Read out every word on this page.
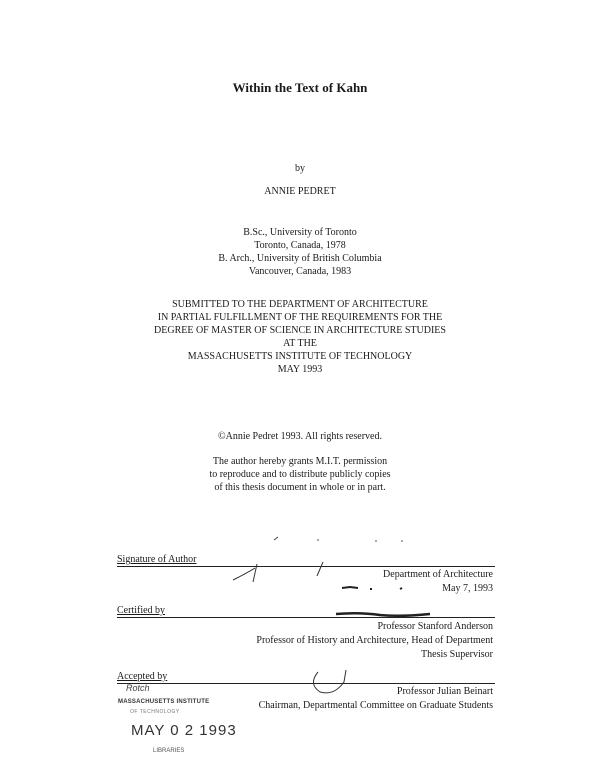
Within the Text of Kahn
by
ANNIE PEDRET
B.Sc., University of Toronto
Toronto, Canada, 1978
B. Arch., University of British Columbia
Vancouver, Canada, 1983
SUBMITTED TO THE DEPARTMENT OF ARCHITECTURE
IN PARTIAL FULFILLMENT OF THE REQUIREMENTS FOR THE
DEGREE OF MASTER OF SCIENCE IN ARCHITECTURE STUDIES
AT THE
MASSACHUSETTS INSTITUTE OF TECHNOLOGY
MAY 1993
©Annie Pedret 1993. All rights reserved.
The author hereby grants M.I.T. permission
to reproduce and to distribute publicly copies
of this thesis document in whole or in part.
Signature of Author
Department of Architecture
May 7, 1993
Certified by
Professor Stanford Anderson
Professor of History and Architecture, Head of Department
Thesis Supervisor
Accepted by
Professor Julian Beinart
Chairman, Departmental Committee on Graduate Students
Rotch
MASSACHUSETTS INSTITUTE
OF TECHNOLOGY
MAY 0 2 1993
LIBRARIES
